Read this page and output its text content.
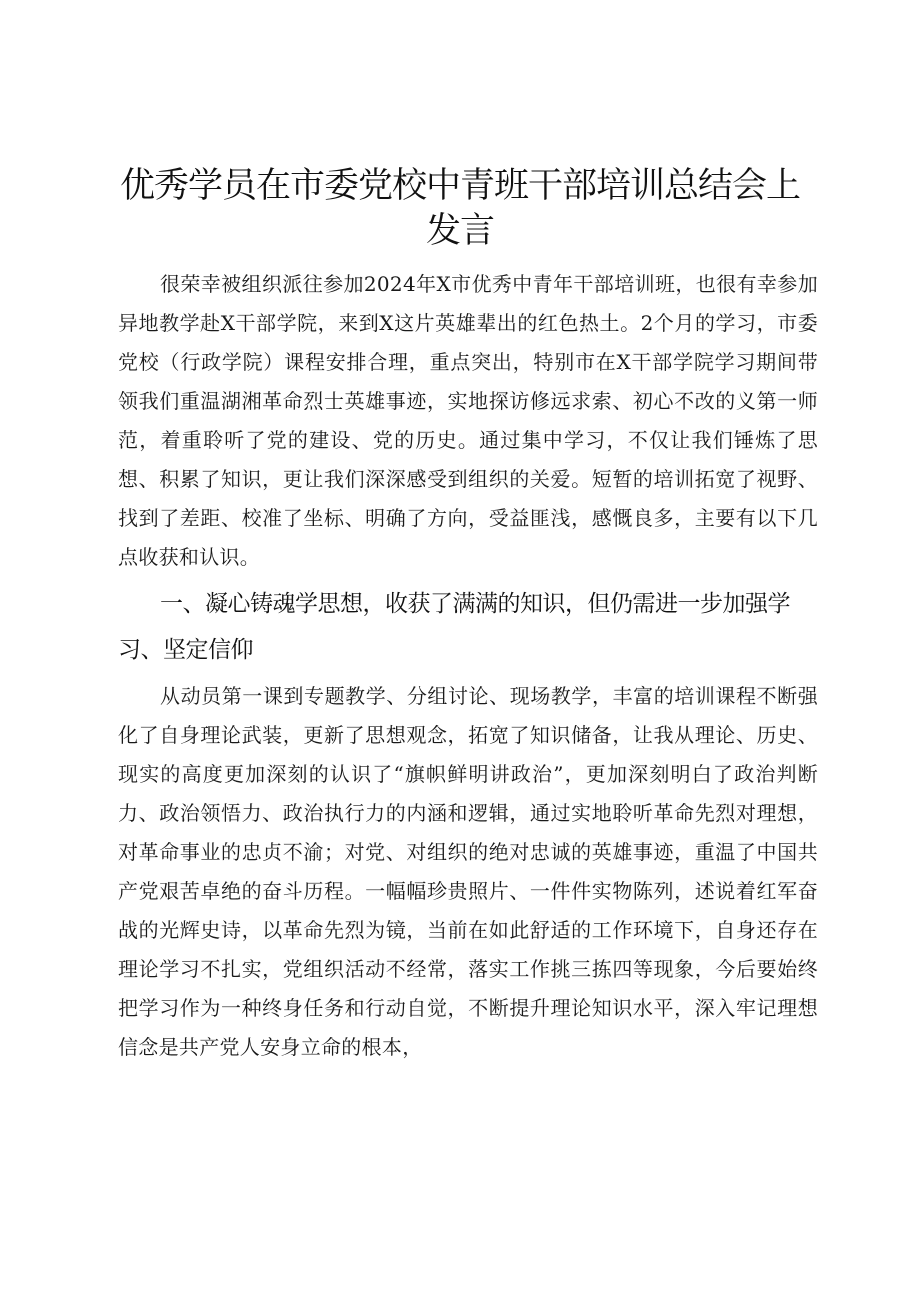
优秀学员在市委党校中青班干部培训总结会上
发言

很荣幸被组织派往参加2024年X市优秀中青年干部培训班，也很有幸参加异地教学赴X干部学院，来到X这片英雄辈出的红色热土。2个月的学习，市委党校（行政学院）课程安排合理，重点突出，特别市在X干部学院学习期间带领我们重温湖湘革命烈士英雄事迹，实地探访修远求索、初心不改的义第一师范，着重聆听了党的建设、党的历史。通过集中学习，不仅让我们锤炼了思想、积累了知识，更让我们深深感受到组织的关爱。短暂的培训拓宽了视野、找到了差距、校准了坐标、明确了方向，受益匪浅，感慨良多，主要有以下几点收获和认识。

一、凝心铸魂学思想，收获了满满的知识，但仍需进一步加强学习、坚定信仰

从动员第一课到专题教学、分组讨论、现场教学，丰富的培训课程不断强化了自身理论武装，更新了思想观念，拓宽了知识储备，让我从理论、历史、现实的高度更加深刻的认识了“旗帜鲜明讲政治”，更加深刻明白了政治判断力、政治领悟力、政治执行力的内涵和逻辑，通过实地聆听革命先烈对理想，对革命事业的忠贞不渝；对党、对组织的绝对忠诚的英雄事迹，重温了中国共产党艰苦卓绝的奋斗历程。一幅幅珍贵照片、一件件实物陈列，述说着红军奋战的光辉史诗，以革命先烈为镜，当前在如此舒适的工作环境下，自身还存在理论学习不扎实，党组织活动不经常，落实工作挑三拣四等现象，今后要始终把学习作为一种终身任务和行动自觉，不断提升理论知识水平，深入牢记理想信念是共产党人安身立命的根本，
